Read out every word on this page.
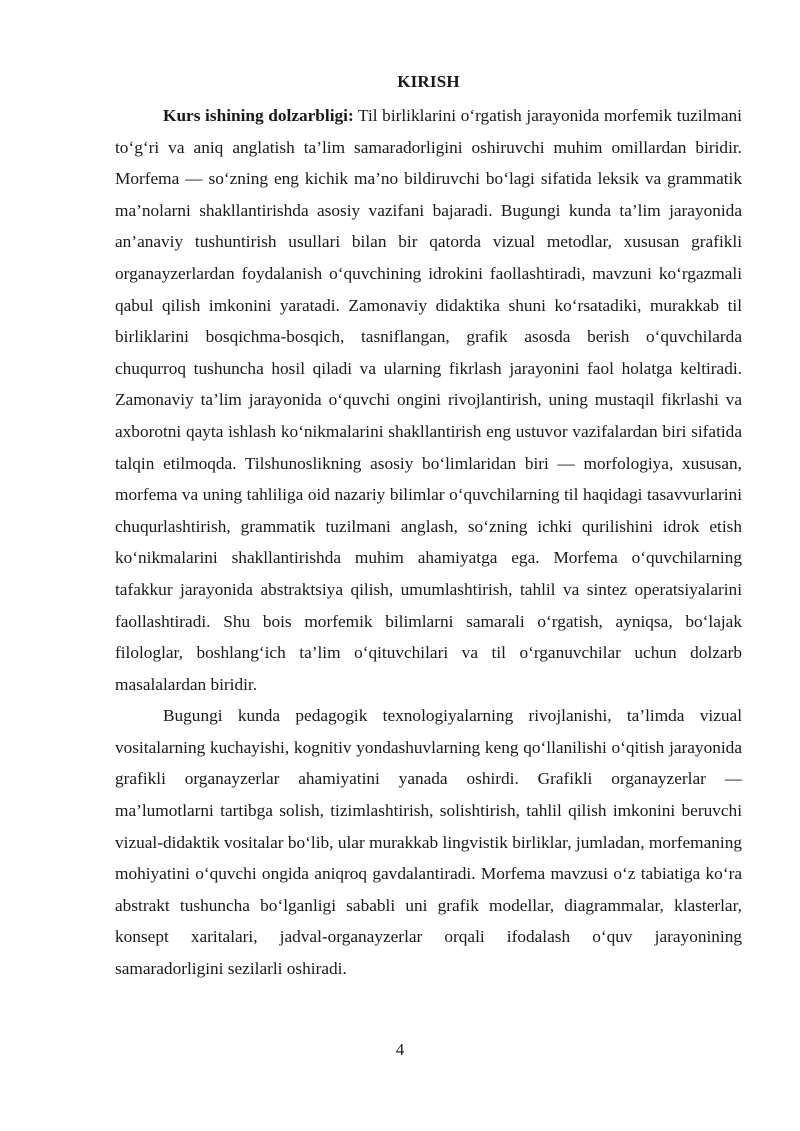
KIRISH

Kurs ishining dolzarbligi: Til birliklarini o‘rgatish jarayonida morfemik tuzilmani to‘g‘ri va aniq anglatish ta’lim samaradorligini oshiruvchi muhim omillardan biridir. Morfema — so‘zning eng kichik ma’no bildiruvchi bo‘lagi sifatida leksik va grammatik ma’nolarni shakllantirishda asosiy vazifani bajaradi. Bugungi kunda ta’lim jarayonida an’anaviy tushuntirish usullari bilan bir qatorda vizual metodlar, xususan grafikli organayzerlardan foydalanish o‘quvchining idrokini faollashtiradi, mavzuni ko‘rgazmali qabul qilish imkonini yaratadi. Zamonaviy didaktika shuni ko‘rsatadiki, murakkab til birliklarini bosqichma-bosqich, tasniflangan, grafik asosda berish o‘quvchilarda chuqurroq tushuncha hosil qiladi va ularning fikrlash jarayonini faol holatga keltiradi. Zamonaviy ta’lim jarayonida o‘quvchi ongini rivojlantirish, uning mustaqil fikrlashi va axborotni qayta ishlash ko‘nikmalarini shakllantirish eng ustuvor vazifalardan biri sifatida talqin etilmoqda. Tilshunoslikning asosiy bo‘limlaridan biri — morfologiya, xususan, morfema va uning tahliliga oid nazariy bilimlar o‘quvchilarning til haqidagi tasavvurlarini chuqurlashtirish, grammatik tuzilmani anglash, so‘zning ichki qurilishini idrok etish ko‘nikmalarini shakllantirishda muhim ahamiyatga ega. Morfema o‘quvchilarning tafakkur jarayonida abstraktsiya qilish, umumlashtirish, tahlil va sintez operatsiyalarini faollashtiradi. Shu bois morfemik bilimlarni samarali o‘rgatish, ayniqsa, bo‘lajak filologlar, boshlang‘ich ta’lim o‘qituvchilari va til o‘rganuvchilar uchun dolzarb masalalardan biridir.

Bugungi kunda pedagogik texnologiyalarning rivojlanishi, ta’limda vizual vositalarning kuchayishi, kognitiv yondashuvlarning keng qo‘llanilishi o‘qitish jarayonida grafikli organayzerlar ahamiyatini yanada oshirdi. Grafikli organayzerlar — ma’lumotlarni tartibga solish, tizimlashtirish, solishtirish, tahlil qilish imkonini beruvchi vizual-didaktik vositalar bo‘lib, ular murakkab lingvistik birliklar, jumladan, morfemaning mohiyatini o‘quvchi ongida aniqroq gavdalantiradi. Morfema mavzusi o‘z tabiatiga ko‘ra abstrakt tushuncha bo‘lganligi sababli uni grafik modellar, diagrammalar, klasterlar, konsept xaritalari, jadval-organayzerlar orqali ifodalash o‘quv jarayonining samaradorligini sezilarli oshiradi.

4
